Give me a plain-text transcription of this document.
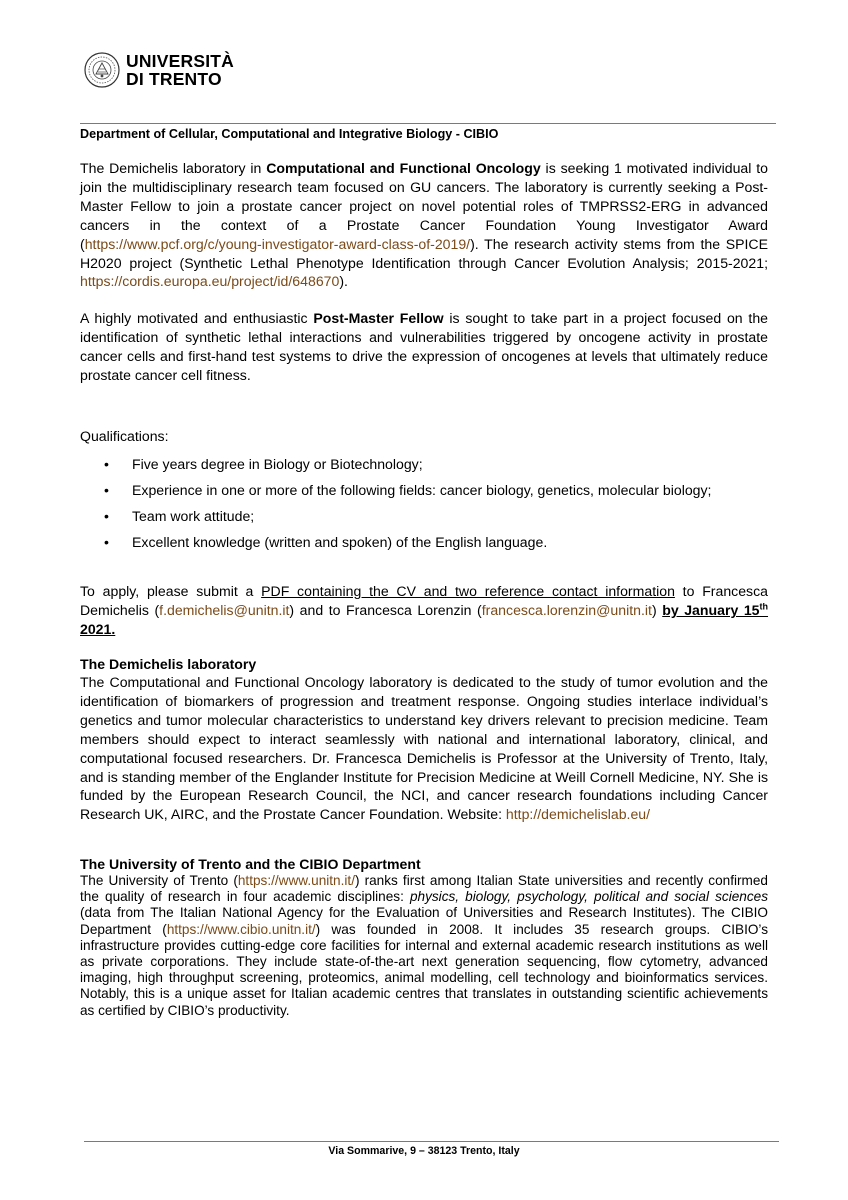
UNIVERSITÀ
DI TRENTO
Department of Cellular, Computational and Integrative Biology - CIBIO
The Demichelis laboratory in Computational and Functional Oncology is seeking 1 motivated individual to join the multidisciplinary research team focused on GU cancers. The laboratory is currently seeking a Post-Master Fellow to join a prostate cancer project on novel potential roles of TMPRSS2-ERG in advanced cancers in the context of a Prostate Cancer Foundation Young Investigator Award (https://www.pcf.org/c/young-investigator-award-class-of-2019/). The research activity stems from the SPICE H2020 project (Synthetic Lethal Phenotype Identification through Cancer Evolution Analysis; 2015-2021; https://cordis.europa.eu/project/id/648670).
A highly motivated and enthusiastic Post-Master Fellow is sought to take part in a project focused on the identification of synthetic lethal interactions and vulnerabilities triggered by oncogene activity in prostate cancer cells and first-hand test systems to drive the expression of oncogenes at levels that ultimately reduce prostate cancer cell fitness.
Qualifications:
• Five years degree in Biology or Biotechnology;
• Experience in one or more of the following fields: cancer biology, genetics, molecular biology;
• Team work attitude;
• Excellent knowledge (written and spoken) of the English language.
To apply, please submit a PDF containing the CV and two reference contact information to Francesca Demichelis (f.demichelis@unitn.it) and to Francesca Lorenzin (francesca.lorenzin@unitn.it) by January 15th 2021.
The Demichelis laboratory
The Computational and Functional Oncology laboratory is dedicated to the study of tumor evolution and the identification of biomarkers of progression and treatment response. Ongoing studies interlace individual’s genetics and tumor molecular characteristics to understand key drivers relevant to precision medicine. Team members should expect to interact seamlessly with national and international laboratory, clinical, and computational focused researchers. Dr. Francesca Demichelis is Professor at the University of Trento, Italy, and is standing member of the Englander Institute for Precision Medicine at Weill Cornell Medicine, NY. She is funded by the European Research Council, the NCI, and cancer research foundations including Cancer Research UK, AIRC, and the Prostate Cancer Foundation. Website: http://demichelislab.eu/
The University of Trento and the CIBIO Department
The University of Trento (https://www.unitn.it/) ranks first among Italian State universities and recently confirmed the quality of research in four academic disciplines: physics, biology, psychology, political and social sciences (data from The Italian National Agency for the Evaluation of Universities and Research Institutes). The CIBIO Department (https://www.cibio.unitn.it/) was founded in 2008. It includes 35 research groups. CIBIO’s infrastructure provides cutting-edge core facilities for internal and external academic research institutions as well as private corporations. They include state-of-the-art next generation sequencing, flow cytometry, advanced imaging, high throughput screening, proteomics, animal modelling, cell technology and bioinformatics services. Notably, this is a unique asset for Italian academic centres that translates in outstanding scientific achievements as certified by CIBIO’s productivity.
Via Sommarive, 9 – 38123 Trento, Italy
